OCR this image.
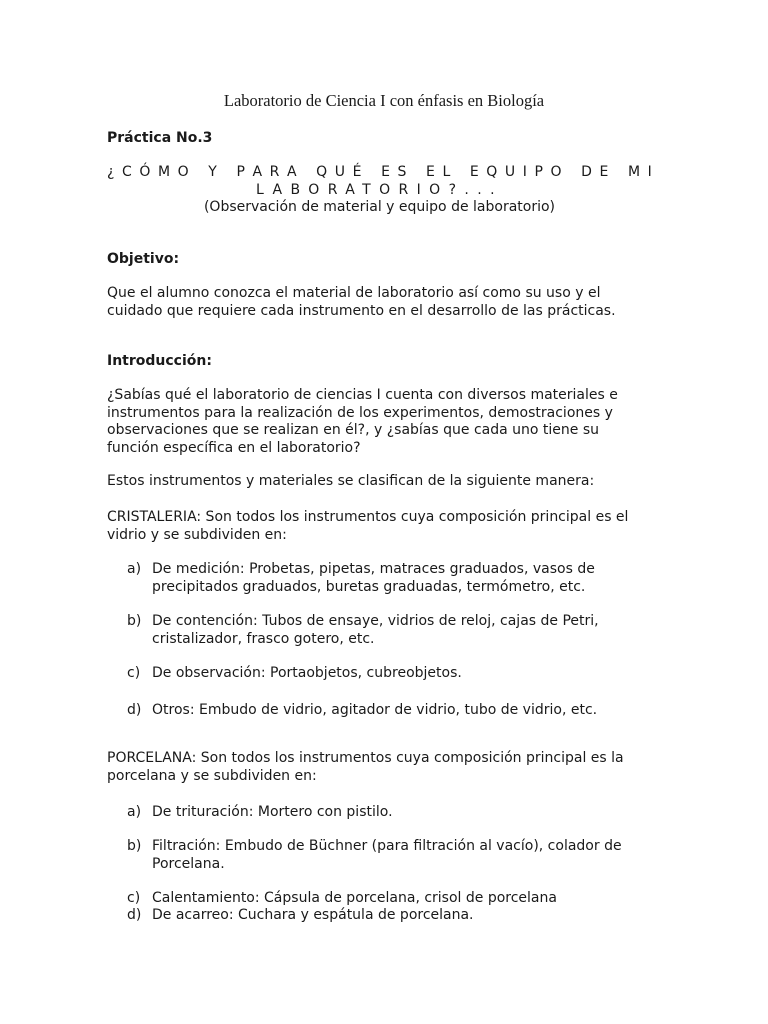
Laboratorio de Ciencia I con énfasis en Biología

Práctica No.3

¿ C Ó M O
Y
P A R A
Q U É
E S
E L
E Q U I P O
D E
M I
LABORATORIO?...
(Observación de material y equipo de laboratorio)
Objetivo:

Que el alumno conozca el material de laboratorio así como su uso y el cuidado que requiere cada instrumento en el desarrollo de las prácticas.

Introducción:

¿Sabías qué el laboratorio de ciencias I cuenta con diversos materiales e instrumentos para la realización de los experimentos, demostraciones y observaciones que se realizan en él?, y ¿sabías que cada uno tiene su función específica en el laboratorio?

Estos instrumentos y materiales se clasifican de la siguiente manera:

CRISTALERIA: Son todos los instrumentos cuya composición principal es el vidrio y se subdividen en:

a) De medición: Probetas, pipetas, matraces graduados, vasos de precipitados graduados, buretas graduadas, termómetro, etc.
b) De contención: Tubos de ensaye, vidrios de reloj, cajas de Petri, cristalizador, frasco gotero, etc.
c) De observación: Portaobjetos, cubreobjetos.
d) Otros: Embudo de vidrio, agitador de vidrio, tubo de vidrio, etc.

PORCELANA: Son todos los instrumentos cuya composición principal es la porcelana y se subdividen en:

a) De trituración: Mortero con pistilo.
b) Filtración: Embudo de Büchner (para filtración al vacío), colador de Porcelana.
c) Calentamiento: Cápsula de porcelana, crisol de porcelana
d) De acarreo: Cuchara y espátula de porcelana.
